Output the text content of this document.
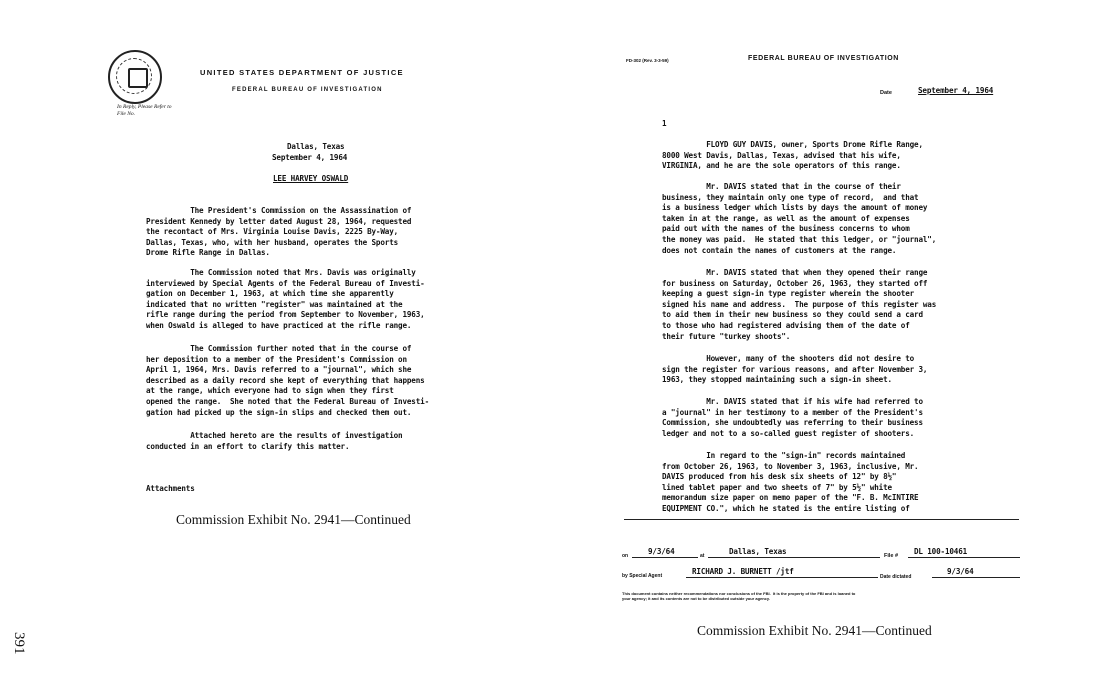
UNITED STATES DEPARTMENT OF JUSTICE
FEDERAL BUREAU OF INVESTIGATION
In Reply, Please Refer to
File No.
Dallas, Texas
September 4, 1964
LEE HARVEY OSWALD
The President's Commission on the Assassination of
President Kennedy by letter dated August 28, 1964, requested
the recontact of Mrs. Virginia Louise Davis, 2225 By-Way,
Dallas, Texas, who, with her husband, operates the Sports
Drome Rifle Range in Dallas.
The Commission noted that Mrs. Davis was originally
interviewed by Special Agents of the Federal Bureau of Investi-
gation on December 1, 1963, at which time she apparently
indicated that no written "register" was maintained at the
rifle range during the period from September to November, 1963,
when Oswald is alleged to have practiced at the rifle range.
The Commission further noted that in the course of
her deposition to a member of the President's Commission on
April 1, 1964, Mrs. Davis referred to a "journal", which she
described as a daily record she kept of everything that happens
at the range, which everyone had to sign when they first
opened the range.  She noted that the Federal Bureau of Investi-
gation had picked up the sign-in slips and checked them out.
Attached hereto are the results of investigation
conducted in an effort to clarify this matter.
Attachments
Commission Exhibit No. 2941—Continued
391
FD-302 (Rev. 3-3-59)	FEDERAL BUREAU OF INVESTIGATION
Date	September 4, 1964
1
FLOYD GUY DAVIS, owner, Sports Drome Rifle Range,
8000 West Davis, Dallas, Texas, advised that his wife,
VIRGINIA, and he are the sole operators of this range.
Mr. DAVIS stated that in the course of their
business, they maintain only one type of record,  and that
is a business ledger which lists by days the amount of money
taken in at the range, as well as the amount of expenses
paid out with the names of the business concerns to whom
the money was paid.  He stated that this ledger, or "journal",
does not contain the names of customers at the range.
Mr. DAVIS stated that when they opened their range
for business on Saturday, October 26, 1963, they started off
keeping a guest sign-in type register wherein the shooter
signed his name and address.  The purpose of this register was
to aid them in their new business so they could send a card
to those who had registered advising them of the date of
their future "turkey shoots".
However, many of the shooters did not desire to
sign the register for various reasons, and after November 3,
1963, they stopped maintaining such a sign-in sheet.
Mr. DAVIS stated that if his wife had referred to
a "journal" in her testimony to a member of the President's
Commission, she undoubtedly was referring to their business
ledger and not to a so-called guest register of shooters.
In regard to the "sign-in" records maintained
from October 26, 1963, to November 3, 1963, inclusive, Mr.
DAVIS produced from his desk six sheets of 12" by 8½"
lined tablet paper and two sheets of 7" by 5½" white
memorandum size paper on memo paper of the "F. B. McINTIRE
EQUIPMENT CO.", which he stated is the entire listing of
on	9/3/64	at	Dallas, Texas	File # DL 100-10461
by Special Agent	RICHARD J. BURNETT /jtf
Date dictated
9/3/64
This document contains neither recommendations nor conclusions of the FBI.  It is the property of the FBI and is loaned to
your agency; it and its contents are not to be distributed outside your agency.
Commission Exhibit No. 2941—Continued
